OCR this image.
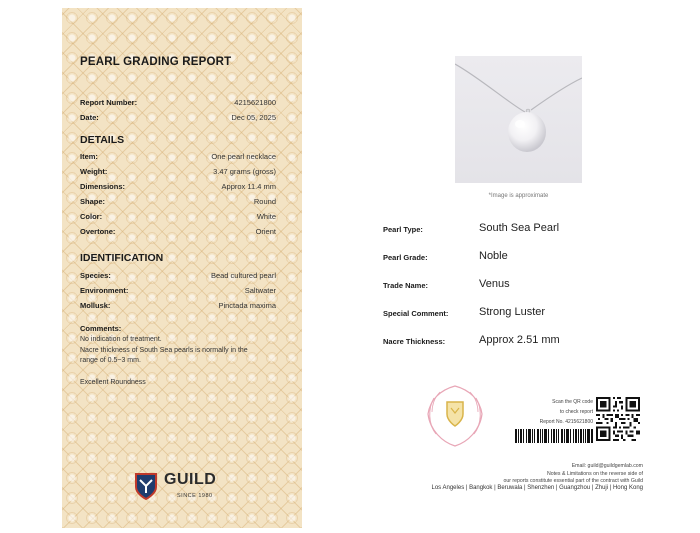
PEARL GRADING REPORT
Report Number:	4215621800
Date:	Dec 05, 2025
DETAILS
Item:	One pearl necklace
Weight:	3.47 grams (gross)
Dimensions:	Approx 11.4 mm
Shape:	Round
Color:	White
Overtone:	Orient
IDENTIFICATION
Species:	Bead cultured pearl
Environment:	Saltwater
Mollusk:	Pinctada maxima
Comments:
No indication of treatment.
Nacre thickness of South Sea pearls is normally in the
range of 0.5~3 mm.
Excellent Roundness
GUILD
SINCE 1980
*Image is approximate
Pearl Type:	South Sea Pearl
Pearl Grade:	Noble
Trade Name:	Venus
Special Comment:	Strong Luster
Nacre Thickness:	Approx 2.51 mm
Scan the QR code
to check report
Report No. 4215621800
Email: guild@guildgemlab.com
Notes & Limitations on the reverse side of
our reports constitute essential part of the contract with Guild
Los Angeles | Bangkok | Beruwala | Shenzhen | Guangzhou | Zhuji | Hong Kong
